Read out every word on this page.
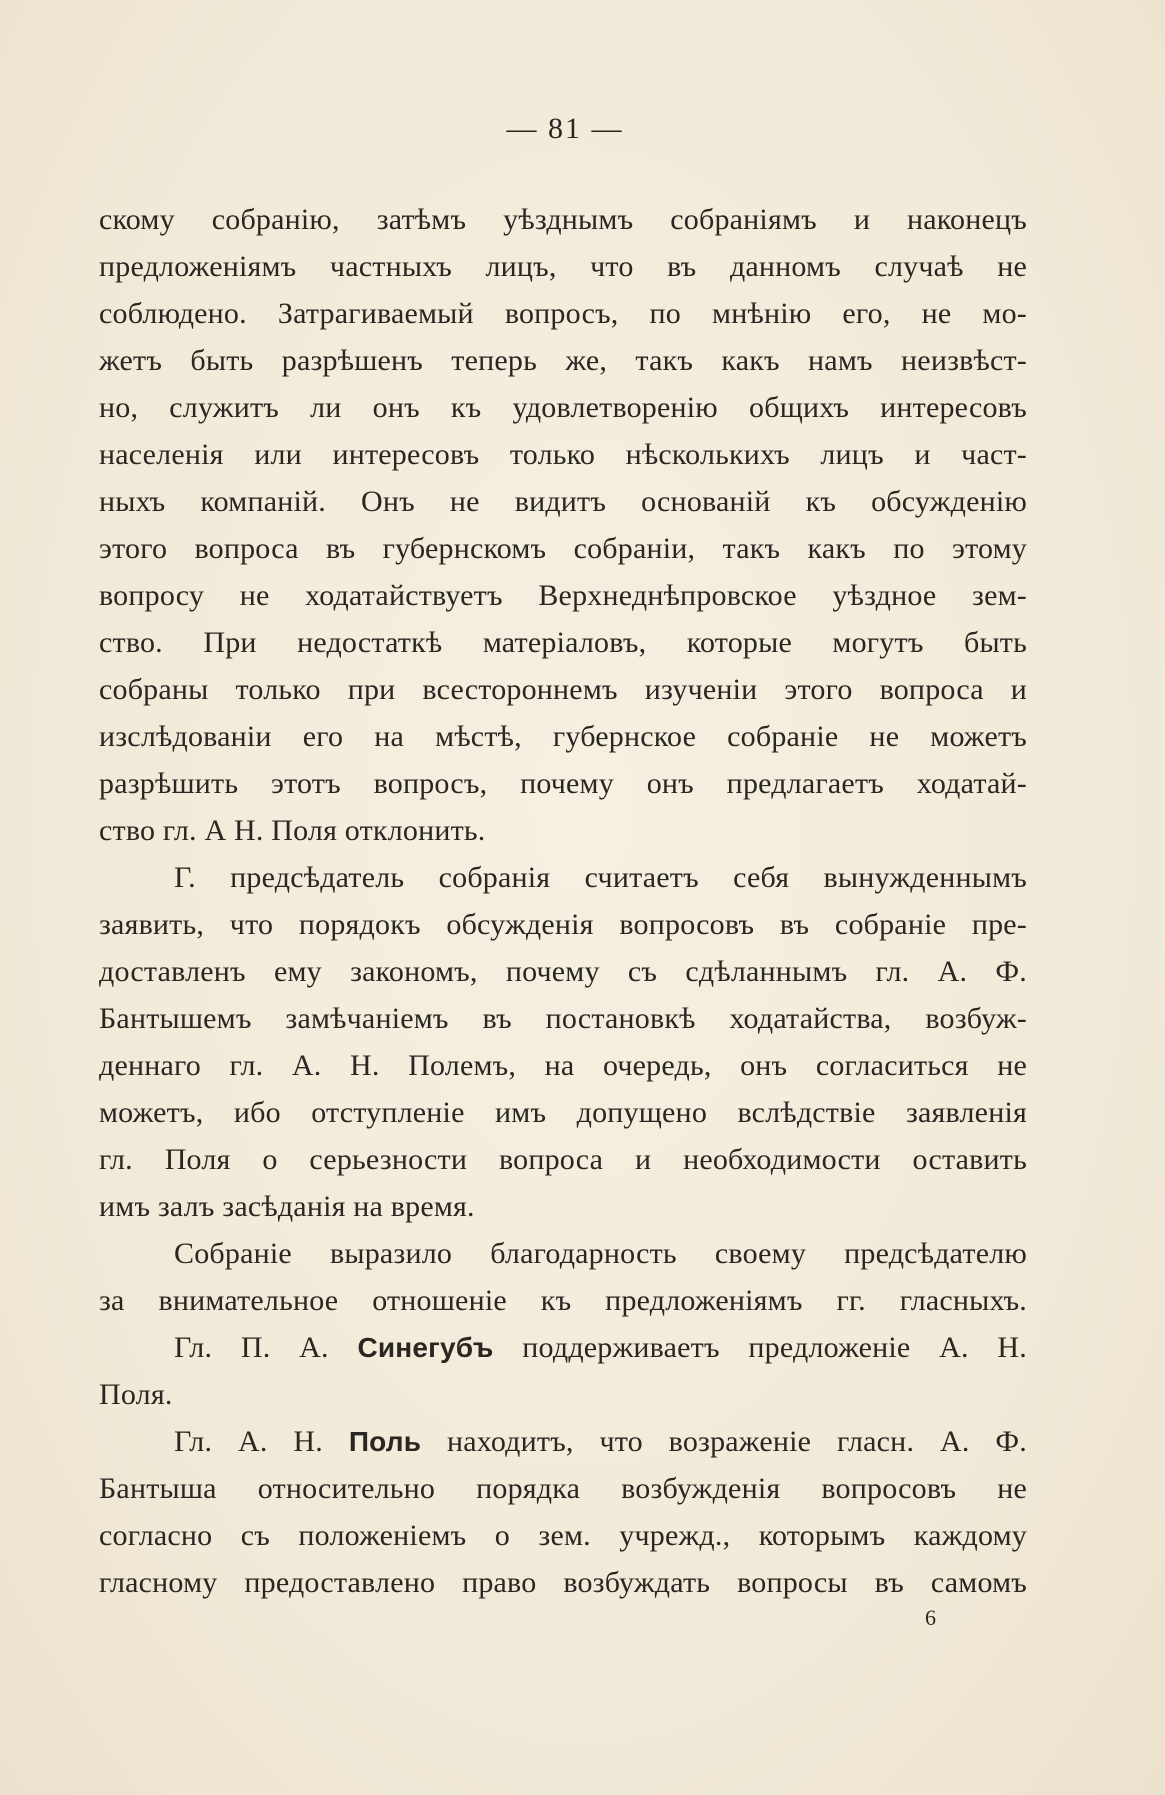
— 81 —
скому собранію, затѣмъ уѣзднымъ собраніямъ и наконецъ
предложеніямъ частныхъ лицъ, что въ данномъ случаѣ не
соблюдено. Затрагиваемый вопросъ, по мнѣнію его, не мо-
жетъ быть разрѣшенъ теперь же, такъ какъ намъ неизвѣст-
но, служитъ ли онъ къ удовлетворенію общихъ интересовъ
населенія или интересовъ только нѣсколькихъ лицъ и част-
ныхъ компаній. Онъ не видитъ основаній къ обсужденію
этого вопроса въ губернскомъ собраніи, такъ какъ по этому
вопросу не ходатайствуетъ Верхнеднѣпровское уѣздное зем-
ство. При недостаткѣ матеріаловъ, которые могутъ быть
собраны только при всестороннемъ изученіи этого вопроса и
изслѣдованіи его на мѣстѣ, губернское собраніе не можетъ
разрѣшить этотъ вопросъ, почему онъ предлагаетъ ходатай-
ство гл. А Н. Поля отклонить.
Г. предсѣдатель собранія считаетъ себя вынужденнымъ
заявить, что порядокъ обсужденія вопросовъ въ собраніе пре-
доставленъ ему закономъ, почему съ сдѣланнымъ гл. А. Ф.
Бантышемъ замѣчаніемъ въ постановкѣ ходатайства, возбуж-
деннаго гл. А. Н. Полемъ, на очередь, онъ согласиться не
можетъ, ибо отступленіе имъ допущено вслѣдствіе заявленія
гл. Поля о серьезности вопроса и необходимости оставить
имъ залъ засѣданія на время.
Собраніе выразило благодарность своему предсѣдателю
за внимательное отношеніе къ предложеніямъ гг. гласныхъ.
Гл. П. А. Синегубъ поддерживаетъ предложеніе А. Н.
Поля.
Гл. А. Н. Поль находитъ, что возраженіе гласн. А. Ф.
Бантыша относительно порядка возбужденія вопросовъ не
согласно съ положеніемъ о зем. учрежд., которымъ каждому
гласному предоставлено право возбуждать вопросы въ самомъ
6
